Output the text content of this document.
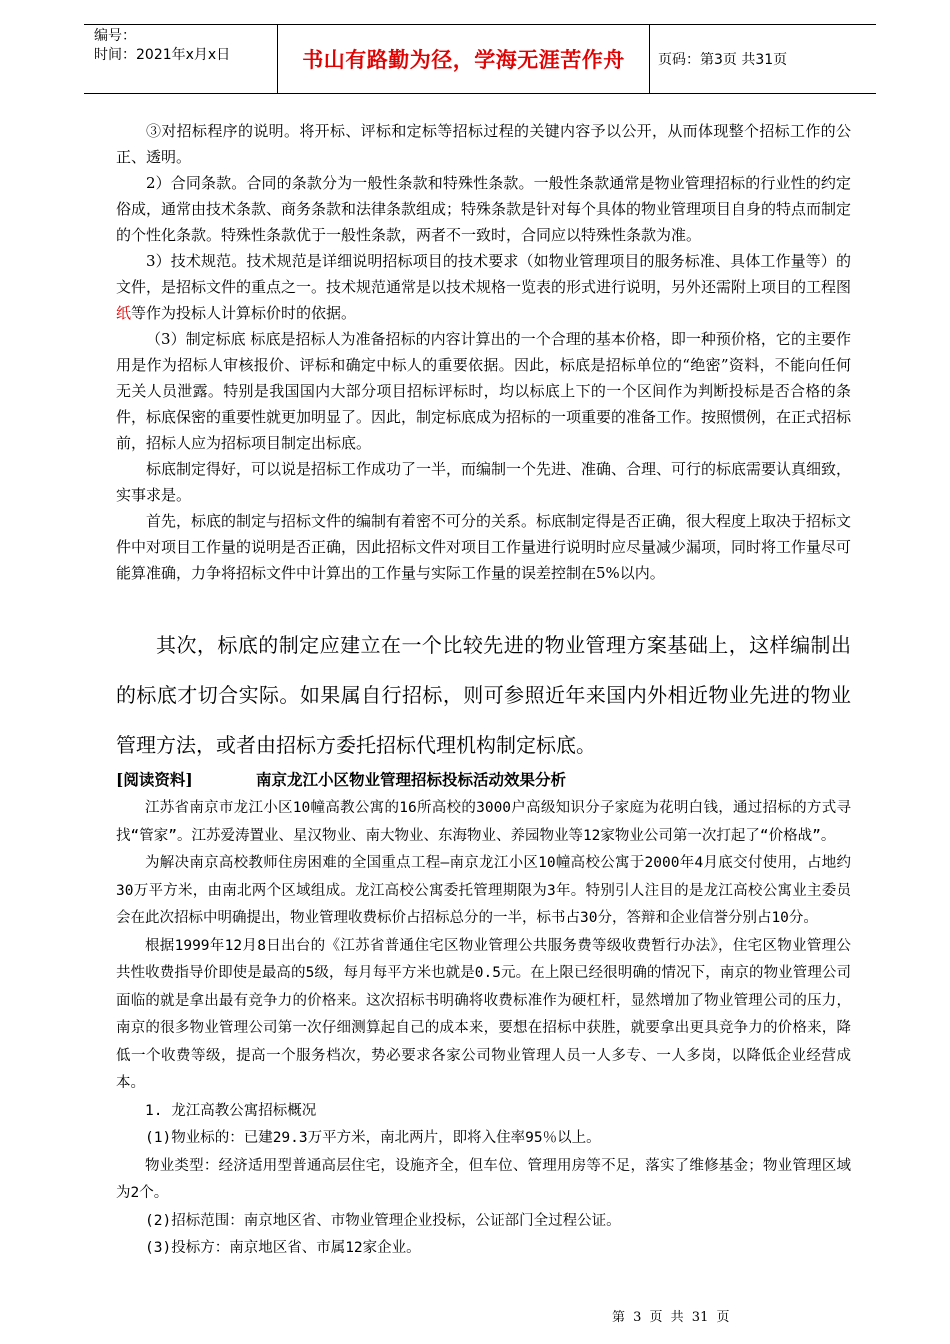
编号：
时间：2021年x月x日	书山有路勤为径，学海无涯苦作舟	页码：第3页 共31页

③对招标程序的说明。将开标、评标和定标等招标过程的关键内容予以公开，从而体现整个招标工作的公正、透明。

2）合同条款。合同的条款分为一般性条款和特殊性条款。一般性条款通常是物业管理招标的行业性的约定俗成，通常由技术条款、商务条款和法律条款组成；特殊条款是针对每个具体的物业管理项目自身的特点而制定的个性化条款。特殊性条款优于一般性条款，两者不一致时，合同应以特殊性条款为准。

3）技术规范。技术规范是详细说明招标项目的技术要求（如物业管理项目的服务标准、具体工作量等）的文件，是招标文件的重点之一。技术规范通常是以技术规格一览表的形式进行说明，另外还需附上项目的工程图纸等作为投标人计算标价时的依据。

（3）制定标底 标底是招标人为准备招标的内容计算出的一个合理的基本价格，即一种预价格，它的主要作用是作为招标人审核报价、评标和确定中标人的重要依据。因此，标底是招标单位的“绝密”资料，不能向任何无关人员泄露。特别是我国国内大部分项目招标评标时，均以标底上下的一个区间作为判断投标是否合格的条件，标底保密的重要性就更加明显了。因此，制定标底成为招标的一项重要的准备工作。按照惯例，在正式招标前，招标人应为招标项目制定出标底。

标底制定得好，可以说是招标工作成功了一半，而编制一个先进、准确、合理、可行的标底需要认真细致，实事求是。

首先，标底的制定与招标文件的编制有着密不可分的关系。标底制定得是否正确，很大程度上取决于招标文件中对项目工作量的说明是否正确，因此招标文件对项目工作量进行说明时应尽量减少漏项，同时将工作量尽可能算准确，力争将招标文件中计算出的工作量与实际工作量的误差控制在5%以内。

其次，标底的制定应建立在一个比较先进的物业管理方案基础上，这样编制出的标底才切合实际。如果属自行招标，则可参照近年来国内外相近物业先进的物业管理方法，或者由招标方委托招标代理机构制定标底。

[阅读资料]	南京龙江小区物业管理招标投标活动效果分析

江苏省南京市龙江小区10幢高教公寓的16所高校的3000户高级知识分子家庭为花明白钱，通过招标的方式寻找“管家”。江苏爱涛置业、星汉物业、南大物业、东海物业、养园物业等12家物业公司第一次打起了“价格战”。

为解决南京高校教师住房困难的全国重点工程—南京龙江小区10幢高校公寓于2000年4月底交付使用，占地约30万平方米，由南北两个区域组成。龙江高校公寓委托管理期限为3年。特别引人注目的是龙江高校公寓业主委员会在此次招标中明确提出，物业管理收费标价占招标总分的一半，标书占30分，答辩和企业信誉分别占10分。

根据1999年12月8日出台的《江苏省普通住宅区物业管理公共服务费等级收费暂行办法》，住宅区物业管理公共性收费指导价即使是最高的5级，每月每平方米也就是0.5元。在上限已经很明确的情况下，南京的物业管理公司面临的就是拿出最有竞争力的价格来。这次招标书明确将收费标准作为硬杠杆，显然增加了物业管理公司的压力，南京的很多物业管理公司第一次仔细测算起自己的成本来，要想在招标中获胜，就要拿出更具竞争力的价格来，降低一个收费等级，提高一个服务档次，势必要求各家公司物业管理人员一人多专、一人多岗，以降低企业经营成本。

1. 龙江高教公寓招标概况

(1)物业标的：已建29.3万平方米，南北两片，即将入住率95％以上。

物业类型：经济适用型普通高层住宅，设施齐全，但车位、管理用房等不足，落实了维修基金；物业管理区域为2个。

(2)招标范围：南京地区省、市物业管理企业投标，公证部门全过程公证。

(3)投标方：南京地区省、市属12家企业。

第 3 页 共 31 页
